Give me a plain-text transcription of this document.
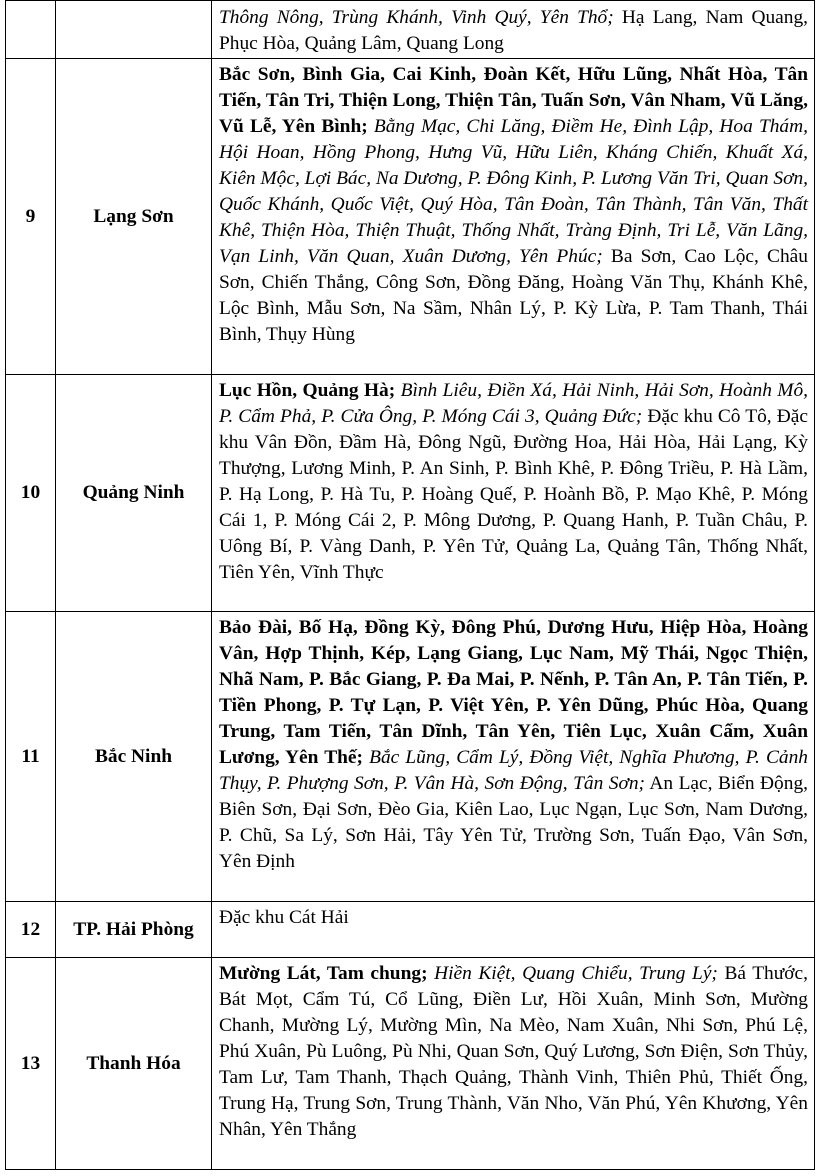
		Thông Nông, Trùng Khánh, Vinh Quý, Yên Thổ; Hạ Lang, Nam Quang, Phục Hòa, Quảng Lâm, Quang Long
9	Lạng Sơn	Bắc Sơn, Bình Gia, Cai Kinh, Đoàn Kết, Hữu Lũng, Nhất Hòa, Tân Tiến, Tân Tri, Thiện Long, Thiện Tân, Tuấn Sơn, Vân Nham, Vũ Lăng, Vũ Lễ, Yên Bình; Bằng Mạc, Chi Lăng, Điềm He, Đình Lập, Hoa Thám, Hội Hoan, Hồng Phong, Hưng Vũ, Hữu Liên, Kháng Chiến, Khuất Xá, Kiên Mộc, Lợi Bác, Na Dương, P. Đông Kinh, P. Lương Văn Tri, Quan Sơn, Quốc Khánh, Quốc Việt, Quý Hòa, Tân Đoàn, Tân Thành, Tân Văn, Thất Khê, Thiện Hòa, Thiện Thuật, Thống Nhất, Tràng Định, Tri Lễ, Văn Lãng, Vạn Linh, Văn Quan, Xuân Dương, Yên Phúc; Ba Sơn, Cao Lộc, Châu Sơn, Chiến Thắng, Công Sơn, Đồng Đăng, Hoàng Văn Thụ, Khánh Khê, Lộc Bình, Mẫu Sơn, Na Sầm, Nhân Lý, P. Kỳ Lừa, P. Tam Thanh, Thái Bình, Thụy Hùng
10	Quảng Ninh	Lục Hồn, Quảng Hà; Bình Liêu, Điền Xá, Hải Ninh, Hải Sơn, Hoành Mô, P. Cẩm Phả, P. Cửa Ông, P. Móng Cái 3, Quảng Đức; Đặc khu Cô Tô, Đặc khu Vân Đồn, Đầm Hà, Đông Ngũ, Đường Hoa, Hải Hòa, Hải Lạng, Kỳ Thượng, Lương Minh, P. An Sinh, P. Bình Khê, P. Đông Triều, P. Hà Lầm, P. Hạ Long, P. Hà Tu, P. Hoàng Quế, P. Hoành Bồ, P. Mạo Khê, P. Móng Cái 1, P. Móng Cái 2, P. Mông Dương, P. Quang Hanh, P. Tuần Châu, P. Uông Bí, P. Vàng Danh, P. Yên Tử, Quảng La, Quảng Tân, Thống Nhất, Tiên Yên, Vĩnh Thực
11	Bắc Ninh	Bảo Đài, Bố Hạ, Đồng Kỳ, Đông Phú, Dương Hưu, Hiệp Hòa, Hoàng Vân, Hợp Thịnh, Kép, Lạng Giang, Lục Nam, Mỹ Thái, Ngọc Thiện, Nhã Nam, P. Bắc Giang, P. Đa Mai, P. Nếnh, P. Tân An, P. Tân Tiến, P. Tiền Phong, P. Tự Lạn, P. Việt Yên, P. Yên Dũng, Phúc Hòa, Quang Trung, Tam Tiến, Tân Dĩnh, Tân Yên, Tiên Lục, Xuân Cẩm, Xuân Lương, Yên Thế; Bắc Lũng, Cẩm Lý, Đồng Việt, Nghĩa Phương, P. Cảnh Thụy, P. Phượng Sơn, P. Vân Hà, Sơn Động, Tân Sơn; An Lạc, Biển Động, Biên Sơn, Đại Sơn, Đèo Gia, Kiên Lao, Lục Ngạn, Lục Sơn, Nam Dương, P. Chũ, Sa Lý, Sơn Hải, Tây Yên Tử, Trường Sơn, Tuấn Đạo, Vân Sơn, Yên Định
12	TP. Hải Phòng	Đặc khu Cát Hải
13	Thanh Hóa	Mường Lát, Tam chung; Hiền Kiệt, Quang Chiểu, Trung Lý; Bá Thước, Bát Mọt, Cẩm Tú, Cổ Lũng, Điền Lư, Hồi Xuân, Minh Sơn, Mường Chanh, Mường Lý, Mường Mìn, Na Mèo, Nam Xuân, Nhi Sơn, Phú Lệ, Phú Xuân, Pù Luông, Pù Nhi, Quan Sơn, Quý Lương, Sơn Điện, Sơn Thủy, Tam Lư, Tam Thanh, Thạch Quảng, Thành Vinh, Thiên Phủ, Thiết Ống, Trung Hạ, Trung Sơn, Trung Thành, Văn Nho, Văn Phú, Yên Khương, Yên Nhân, Yên Thắng
